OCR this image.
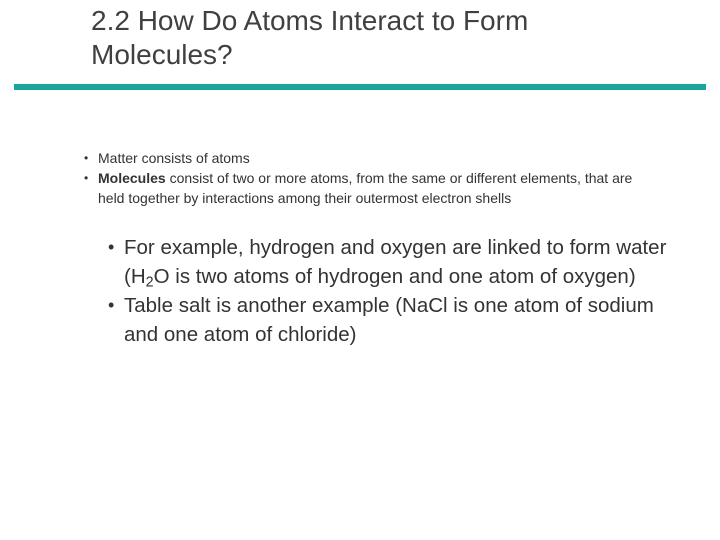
2.2 How Do Atoms Interact to Form
Molecules?
• Matter consists of atoms
• Molecules consist of two or more atoms, from the same or different elements, that are held together by interactions among their outermost electron shells
• For example, hydrogen and oxygen are linked to form water ($H_2O$ is two atoms of hydrogen and one atom of oxygen)
• Table salt is another example (NaCl is one atom of sodium and one atom of chloride)
